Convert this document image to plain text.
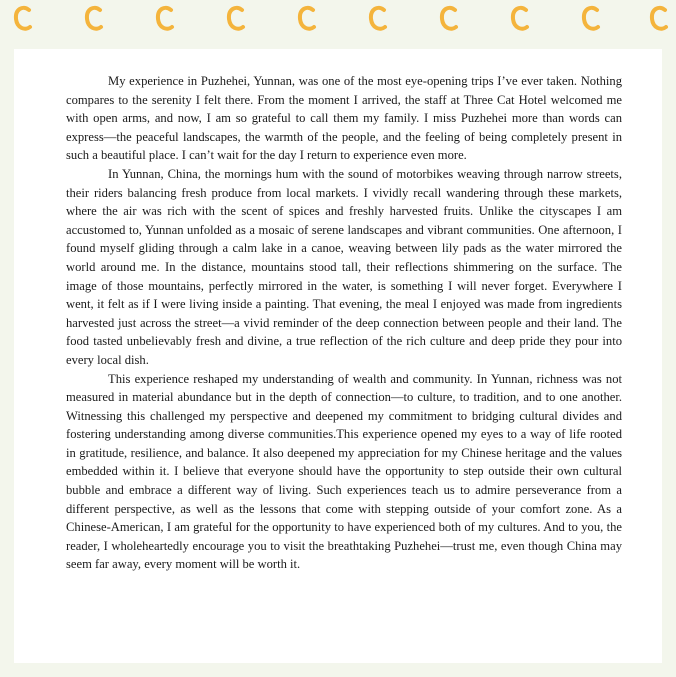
My experience in Puzhehei, Yunnan, was one of the most eye-opening trips I’ve ever taken. Nothing compares to the serenity I felt there. From the moment I arrived, the staff at Three Cat Hotel welcomed me with open arms, and now, I am so grateful to call them my family. I miss Puzhehei more than words can express—the peaceful landscapes, the warmth of the people, and the feeling of being completely present in such a beautiful place. I can’t wait for the day I return to experience even more.

In Yunnan, China, the mornings hum with the sound of motorbikes weaving through narrow streets, their riders balancing fresh produce from local markets. I vividly recall wandering through these markets, where the air was rich with the scent of spices and freshly harvested fruits. Unlike the cityscapes I am accustomed to, Yunnan unfolded as a mosaic of serene landscapes and vibrant communities. One afternoon, I found myself gliding through a calm lake in a canoe, weaving between lily pads as the water mirrored the world around me. In the distance, mountains stood tall, their reflections shimmering on the surface. The image of those mountains, perfectly mirrored in the water, is something I will never forget. Everywhere I went, it felt as if I were living inside a painting. That evening, the meal I enjoyed was made from ingredients harvested just across the street—a vivid reminder of the deep connection between people and their land. The food tasted unbelievably fresh and divine, a true reflection of the rich culture and deep pride they pour into every local dish.

This experience reshaped my understanding of wealth and community. In Yunnan, richness was not measured in material abundance but in the depth of connection—to culture, to tradition, and to one another. Witnessing this challenged my perspective and deepened my commitment to bridging cultural divides and fostering understanding among diverse communities.This experience opened my eyes to a way of life rooted in gratitude, resilience, and balance. It also deepened my appreciation for my Chinese heritage and the values embedded within it. I believe that everyone should have the opportunity to step outside their own cultural bubble and embrace a different way of living. Such experiences teach us to admire perseverance from a different perspective, as well as the lessons that come with stepping outside of your comfort zone. As a Chinese-American, I am grateful for the opportunity to have experienced both of my cultures. And to you, the reader, I wholeheartedly encourage you to visit the breathtaking Puzhehei—trust me, even though China may seem far away, every moment will be worth it.
